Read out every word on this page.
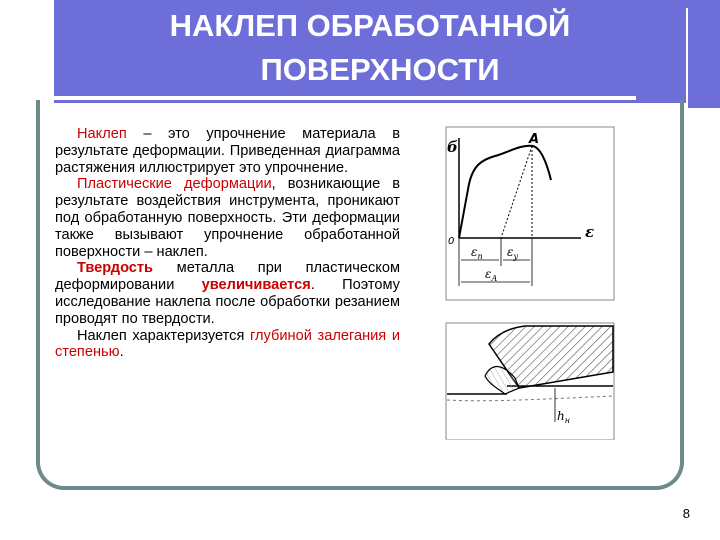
НАКЛЕП ОБРАБОТАННОЙ
ПОВЕРХНОСТИ

Наклеп – это упрочнение материала в результате деформации. Приведенная диаграмма растяжения иллюстрирует это упрочнение.

Пластические деформации, возникающие в результате воздействия инструмента, проникают под обработанную поверхность. Эти деформации также вызывают упрочнение обработанной поверхности – наклеп.

Твердость металла при пластическом деформировании увеличивается. Поэтому исследование наклепа после обработки резанием проводят по твердости.

Наклеп характеризуется глубиной залегания и степенью.

б
ε
0
A
$\varepsilon_п$ $\varepsilon_у$
$\varepsilon_A$
$h_н$
8
